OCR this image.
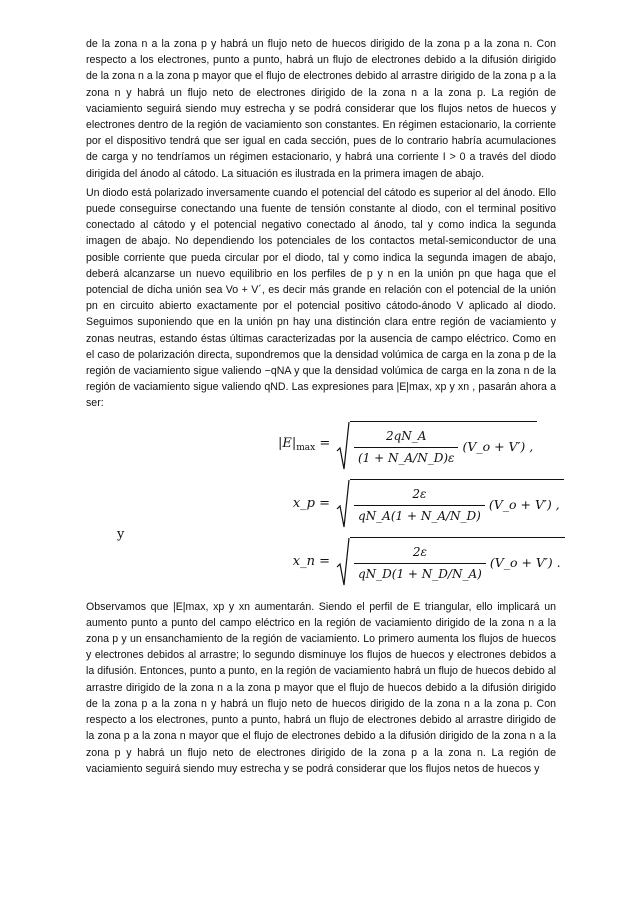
de la zona n a la zona p y habrá un flujo neto de huecos dirigido de la zona p a la zona n. Con respecto a los electrones, punto a punto, habrá un flujo de electrones debido a la difusión dirigido de la zona n a la zona p mayor que el flujo de electrones debido al arrastre dirigido de la zona p a la zona n y habrá un flujo neto de electrones dirigido de la zona n a la zona p. La región de vaciamiento seguirá siendo muy estrecha y se podrá considerar que los flujos netos de huecos y electrones dentro de la región de vaciamiento son constantes. En régimen estacionario, la corriente por el dispositivo tendrá que ser igual en cada sección, pues de lo contrario habría acumulaciones de carga y no tendríamos un régimen estacionario, y habrá una corriente I > 0 a través del diodo dirigida del ánodo al cátodo. La situación es ilustrada en la primera imagen de abajo.

Un diodo está polarizado inversamente cuando el potencial del cátodo es superior al del ánodo. Ello puede conseguirse conectando una fuente de tensión constante al diodo, con el terminal positivo conectado al cátodo y el potencial negativo conectado al ánodo, tal y como indica la segunda imagen de abajo. No dependiendo los potenciales de los contactos metal-semiconductor de una posible corriente que pueda circular por el diodo, tal y como indica la segunda imagen de abajo, deberá alcanzarse un nuevo equilibrio en los perfiles de p y n en la unión pn que haga que el potencial de dicha unión sea Vo + V´, es decir más grande en relación con el potencial de la unión pn en circuito abierto exactamente por el potencial positivo cátodo-ánodo V aplicado al diodo. Seguimos suponiendo que en la unión pn hay una distinción clara entre región de vaciamiento y zonas neutras, estando éstas últimas caracterizadas por la ausencia de campo eléctrico. Como en el caso de polarización directa, supondremos que la densidad volúmica de carga en la zona p de la región de vaciamiento sigue valiendo −qNA y que la densidad volúmica de carga en la zona n de la región de vaciamiento sigue valiendo qND. Las expresiones para |E|max, xp y xn , pasarán ahora a ser:

$|E|_{max}$ =	$\frac{2qN\_A}{(1 + N\_A/N\_D)\varepsilon}$ (V_o + V′) ,
x_p =	$\frac{2\varepsilon}{qN\_A(1 + N\_A/N\_D)}$ (V_o + V′) ,
y
x_n =	$\frac{2\varepsilon}{qN\_D(1 + N\_D/N\_A)}$ (V_o + V′) .

Observamos que |E|max, xp y xn aumentarán. Siendo el perfil de E triangular, ello implicará un aumento punto a punto del campo eléctrico en la región de vaciamiento dirigido de la zona n a la zona p y un ensanchamiento de la región de vaciamiento. Lo primero aumenta los flujos de huecos y electrones debidos al arrastre; lo segundo disminuye los flujos de huecos y electrones debidos a la difusión. Entonces, punto a punto, en la región de vaciamiento habrá un flujo de huecos debido al arrastre dirigido de la zona n a la zona p mayor que el flujo de huecos debido a la difusión dirigido de la zona p a la zona n y habrá un flujo neto de huecos dirigido de la zona n a la zona p. Con respecto a los electrones, punto a punto, habrá un flujo de electrones debido al arrastre dirigido de la zona p a la zona n mayor que el flujo de electrones debido a la difusión dirigido de la zona n a la zona p y habrá un flujo neto de electrones dirigido de la zona p a la zona n. La región de vaciamiento seguirá siendo muy estrecha y se podrá considerar que los flujos netos de huecos y
